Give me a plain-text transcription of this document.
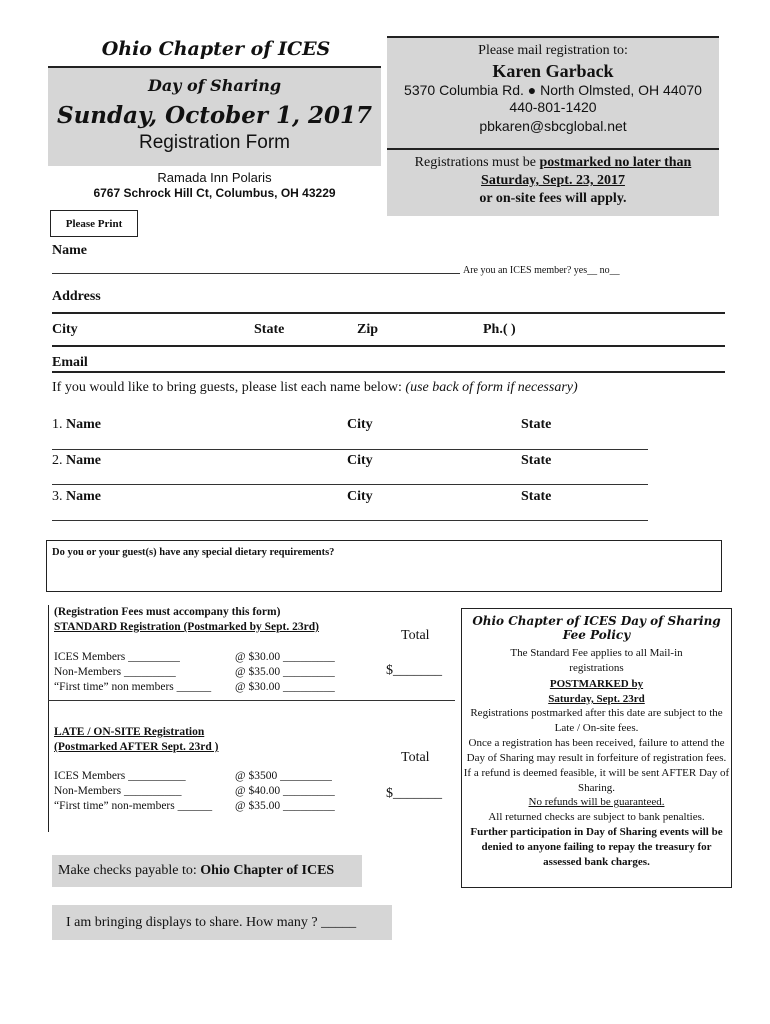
Ohio Chapter of ICES
Day of Sharing
Sunday, October 1, 2017
Registration Form
Ramada Inn Polaris
6767 Schrock Hill Ct, Columbus, OH 43229
Please mail registration to:
Karen Garback
5370 Columbia Rd. ● North Olmsted, OH 44070
440-801-1420
pbkaren@sbcglobal.net
Registrations must be postmarked no later than
Saturday, Sept. 23, 2017
or on-site fees will apply.
Please Print
Name
Are you an ICES member? yes__ no__
Address
City	State	Zip	Ph.( )
Email
If you would like to bring guests, please list each name below: (use back of form if necessary)
1. Name	City	State
2. Name	City	State
3. Name	City	State
Do you or your guest(s) have any special dietary requirements?
(Registration Fees must accompany this form)
STANDARD Registration (Postmarked by Sept. 23rd)
ICES Members _________	@ $30.00 _________
Non-Members _________	@ $35.00 _________
“First time” non members ______ @ $30.00 _________
Total
$_______
LATE / ON-SITE Registration
(Postmarked AFTER Sept. 23rd )
ICES Members __________	@ $3500 _________
Non-Members __________	@ $40.00 _________
“First time” non-members ______ @ $35.00 _________
Total
$_______
Ohio Chapter of ICES Day of Sharing Fee Policy
The Standard Fee applies to all Mail-in registrations
POSTMARKED by
Saturday, Sept. 23rd
Registrations postmarked after this date are subject to the Late / On-site fees.
Once a registration has been received, failure to attend the Day of Sharing may result in forfeiture of registration fees. If a refund is deemed feasible, it will be sent AFTER Day of Sharing.
No refunds will be guaranteed.
All returned checks are subject to bank penalties.
Further participation in Day of Sharing events will be denied to anyone failing to repay the treasury for assessed bank charges.
Make checks payable to:
Ohio Chapter of ICES
I am bringing displays to share. How many ? _____
